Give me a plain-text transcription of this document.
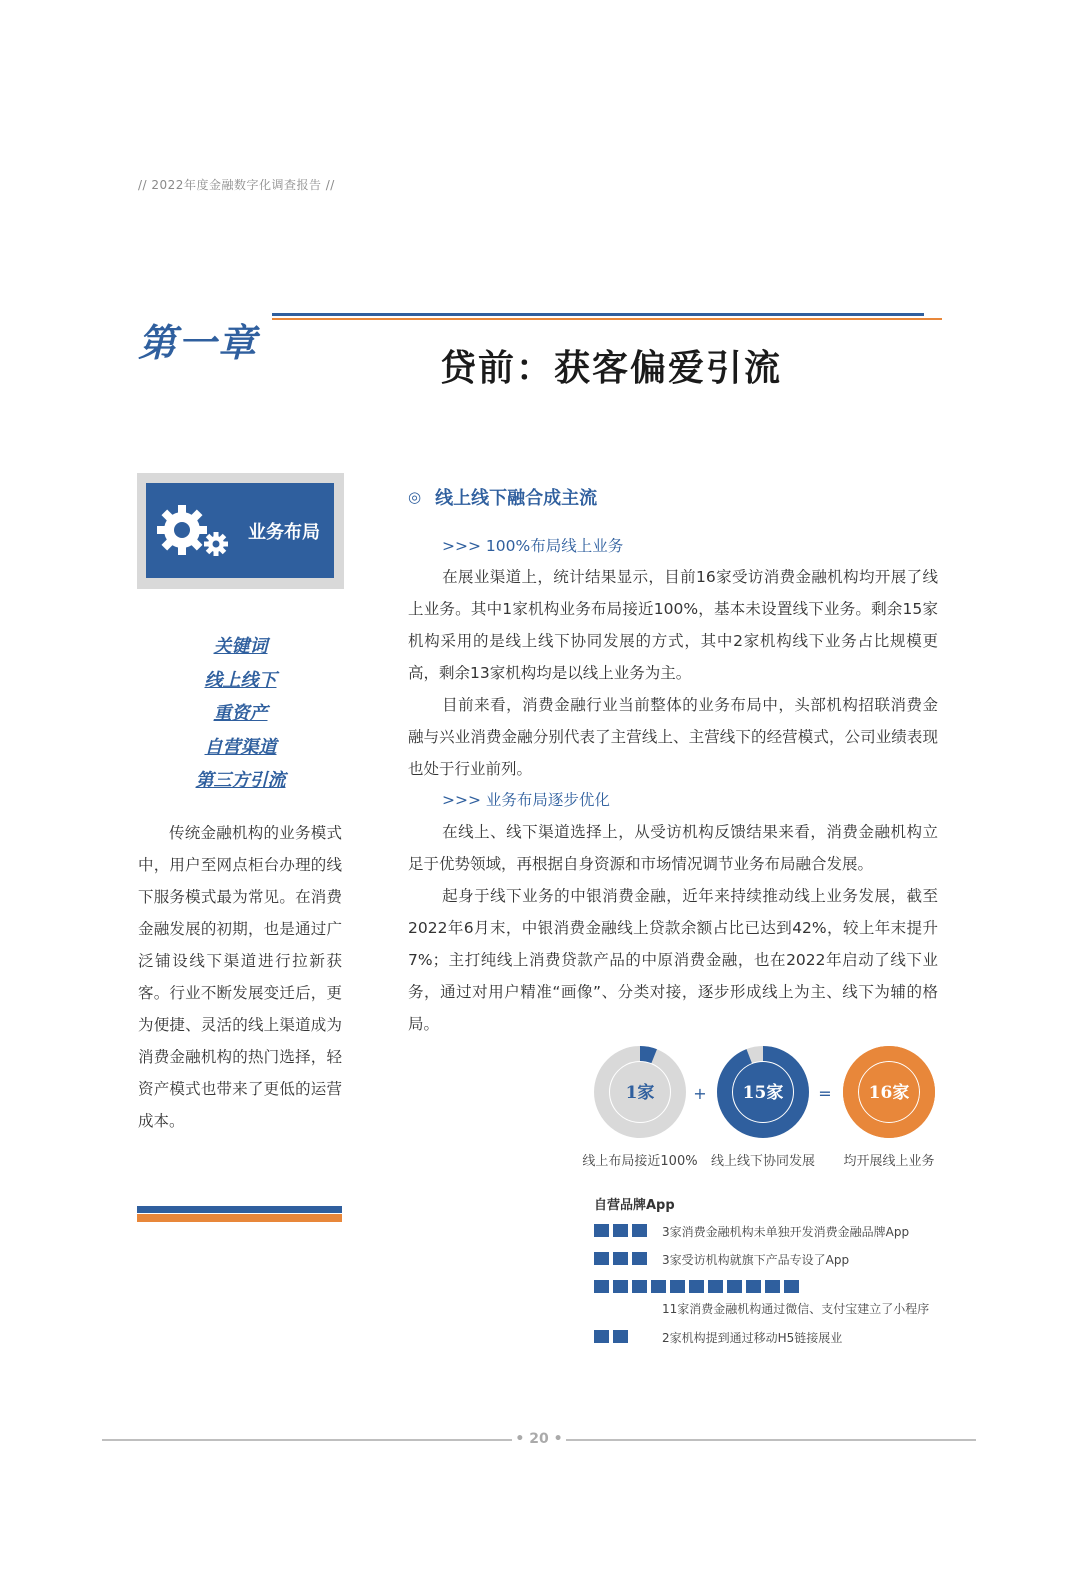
// 2022年度金融数字化调查报告 //
第一章
贷前：获客偏爱引流
业务布局
关键词
线上线下
重资产
自营渠道
第三方引流
传统金融机构的业务模式中，用户至网点柜台办理的线下服务模式最为常见。在消费金融发展的初期，也是通过广泛铺设线下渠道进行拉新获客。行业不断发展变迁后，更为便捷、灵活的线上渠道成为消费金融机构的热门选择，轻资产模式也带来了更低的运营成本。
◎ 线上线下融合成主流
>>> 100%布局线上业务
在展业渠道上，统计结果显示，目前16家受访消费金融机构均开展了线上业务。其中1家机构业务布局接近100%，基本未设置线下业务。剩余15家机构采用的是线上线下协同发展的方式，其中2家机构线下业务占比规模更高，剩余13家机构均是以线上业务为主。
目前来看，消费金融行业当前整体的业务布局中，头部机构招联消费金融与兴业消费金融分别代表了主营线上、主营线下的经营模式，公司业绩表现也处于行业前列。
>>> 业务布局逐步优化
在线上、线下渠道选择上，从受访机构反馈结果来看，消费金融机构立足于优势领域，再根据自身资源和市场情况调节业务布局融合发展。
起身于线下业务的中银消费金融，近年来持续推动线上业务发展，截至2022年6月末，中银消费金融线上贷款余额占比已达到42%，较上年末提升7%；主打纯线上消费贷款产品的中原消费金融，也在2022年启动了线下业务，通过对用户精准“画像”、分类对接，逐步形成线上为主、线下为辅的格局。
1家 + 15家 = 16家
线上布局接近100%	线上线下协同发展	均开展线上业务
自营品牌App
3家消费金融机构未单独开发消费金融品牌App
3家受访机构就旗下产品专设了App
11家消费金融机构通过微信、支付宝建立了小程序
2家机构提到通过移动H5链接展业
• 20 •
